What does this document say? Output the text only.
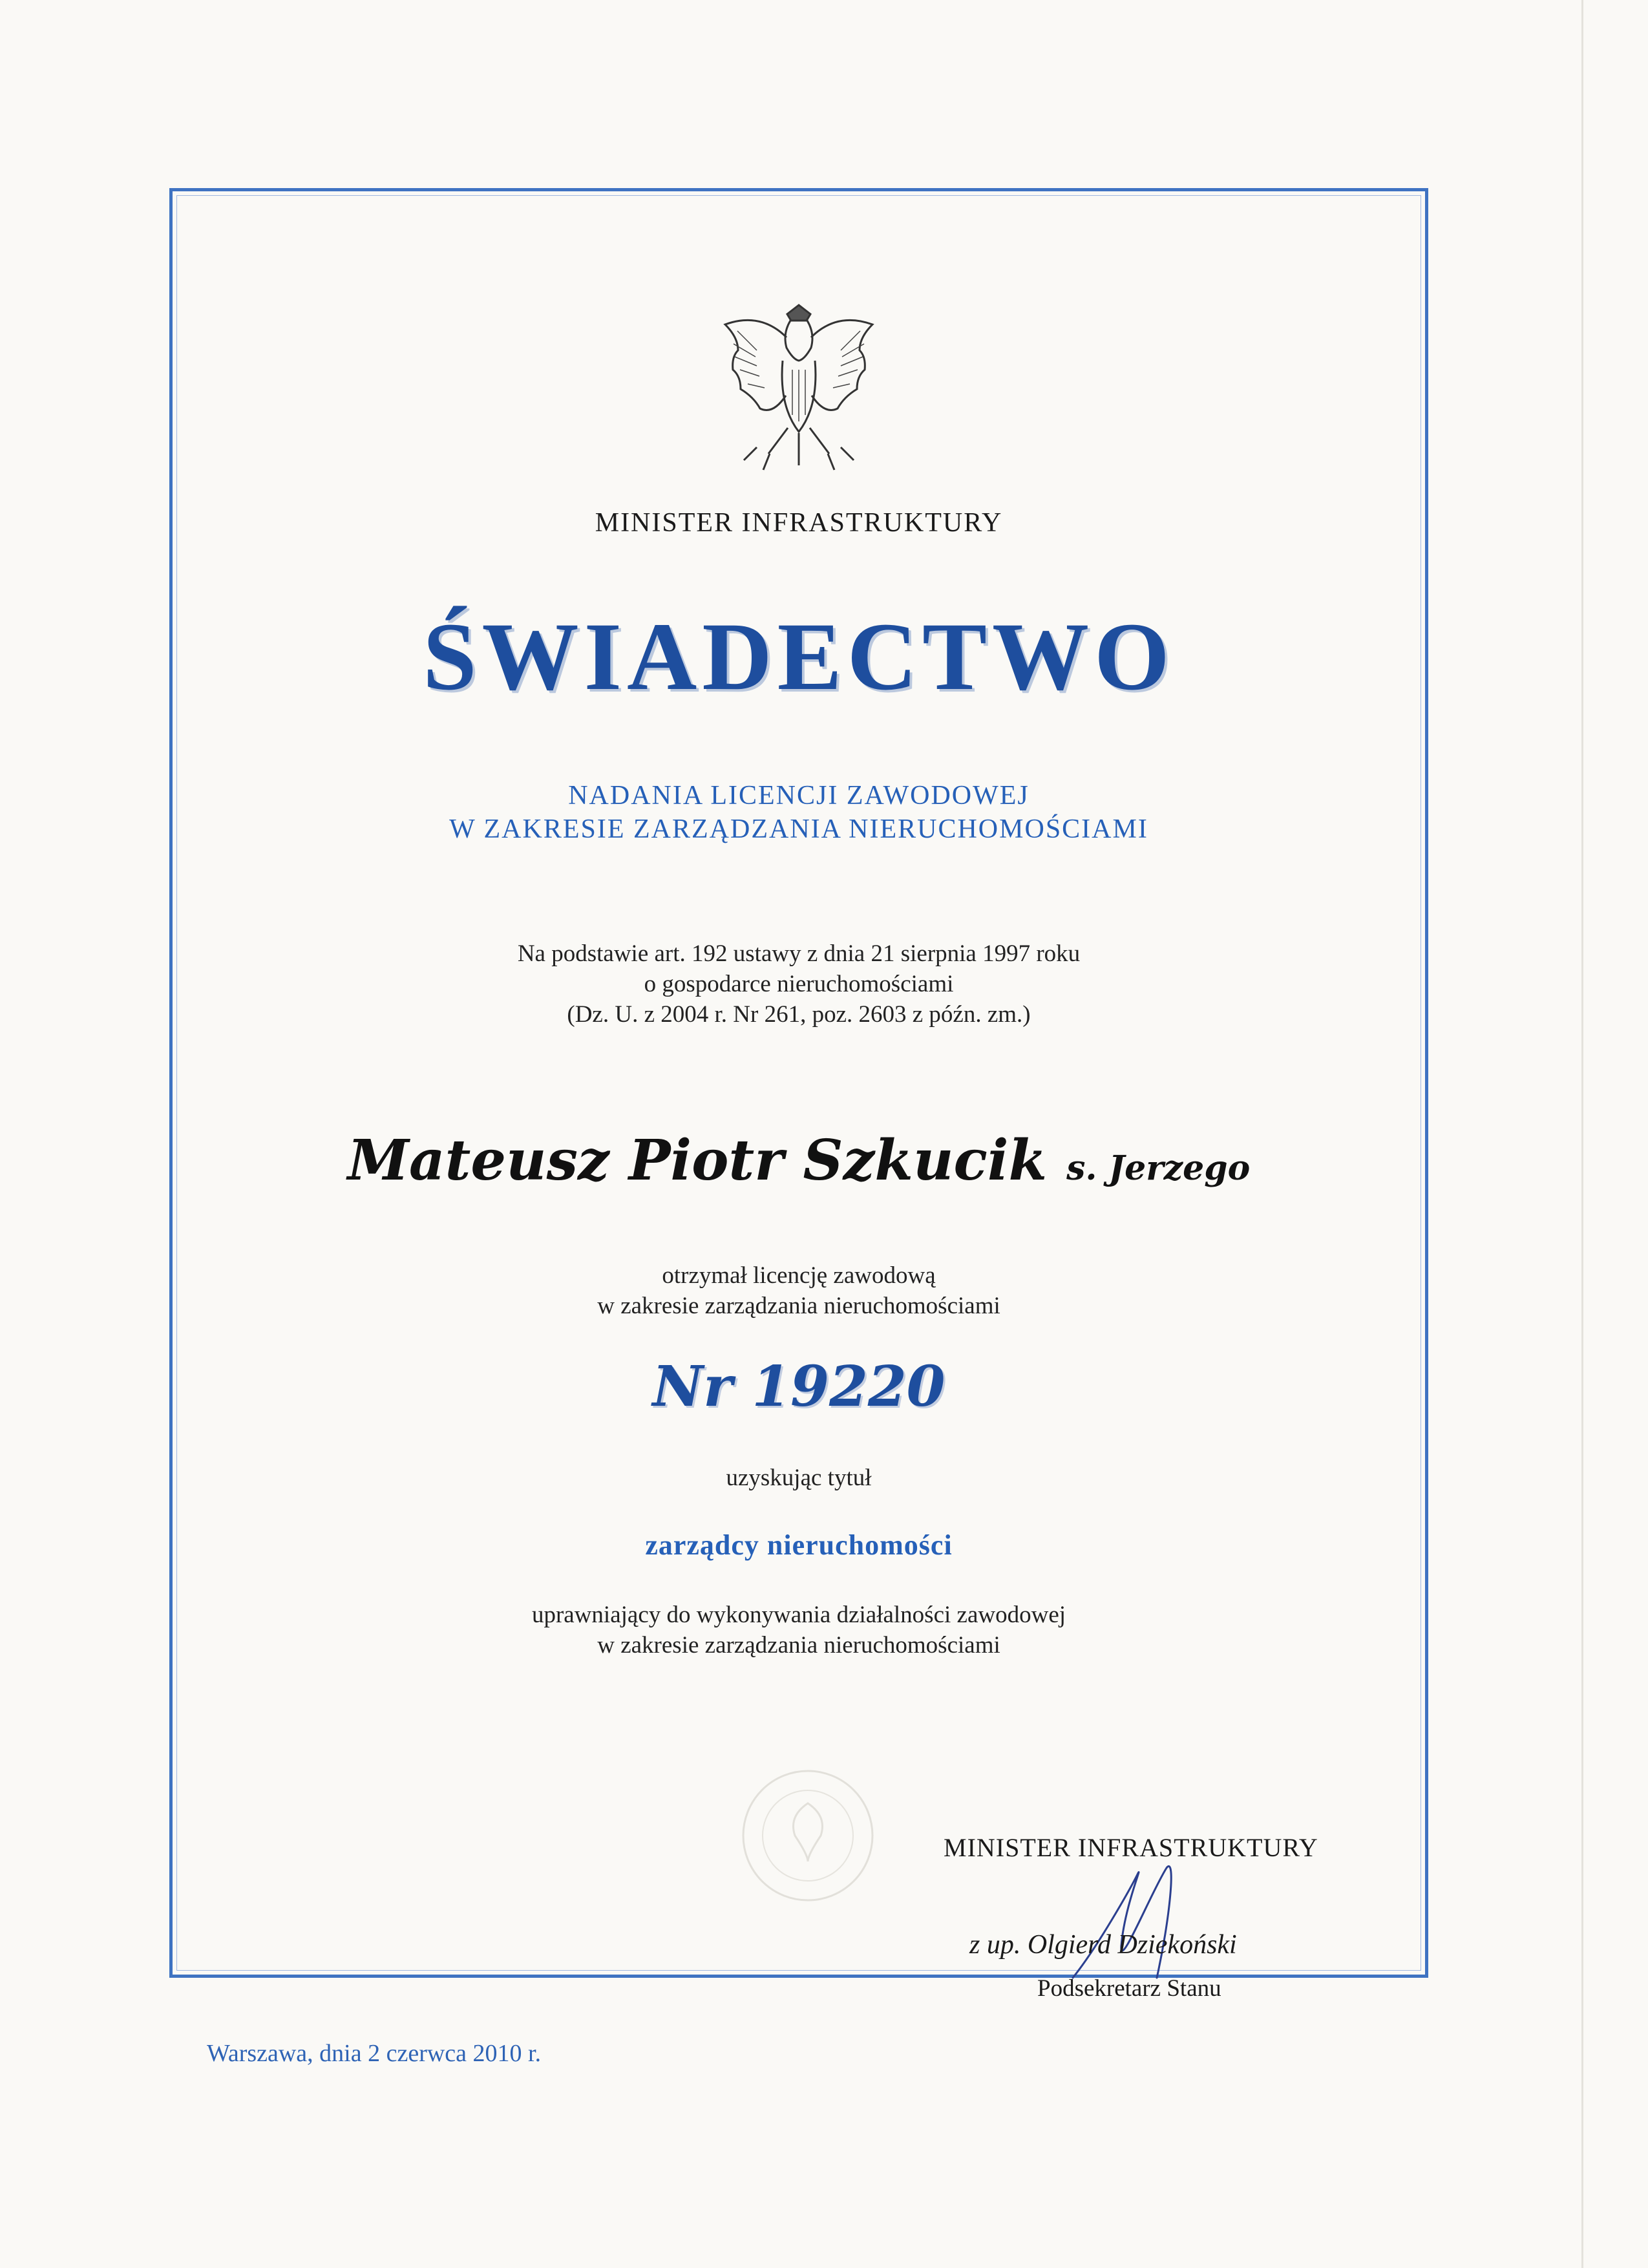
MINISTER INFRASTRUKTURY
ŚWIADECTWO
NADANIA LICENCJI ZAWODOWEJ
W ZAKRESIE ZARZĄDZANIA NIERUCHOMOŚCIAMI
Na podstawie art. 192 ustawy z dnia 21 sierpnia 1997 roku
o gospodarce nieruchomościami
(Dz. U. z 2004 r. Nr 261, poz. 2603 z późn. zm.)
Mateusz Piotr Szkucik s. Jerzego
otrzymał licencję zawodową
w zakresie zarządzania nieruchomościami
Nr 19220
uzyskując tytuł
zarządcy nieruchomości
uprawniający do wykonywania działalności zawodowej
w zakresie zarządzania nieruchomościami
MINISTER INFRASTRUKTURY
z up. Olgierd Dziekoński
Podsekretarz Stanu
Warszawa, dnia 2 czerwca 2010 r.
